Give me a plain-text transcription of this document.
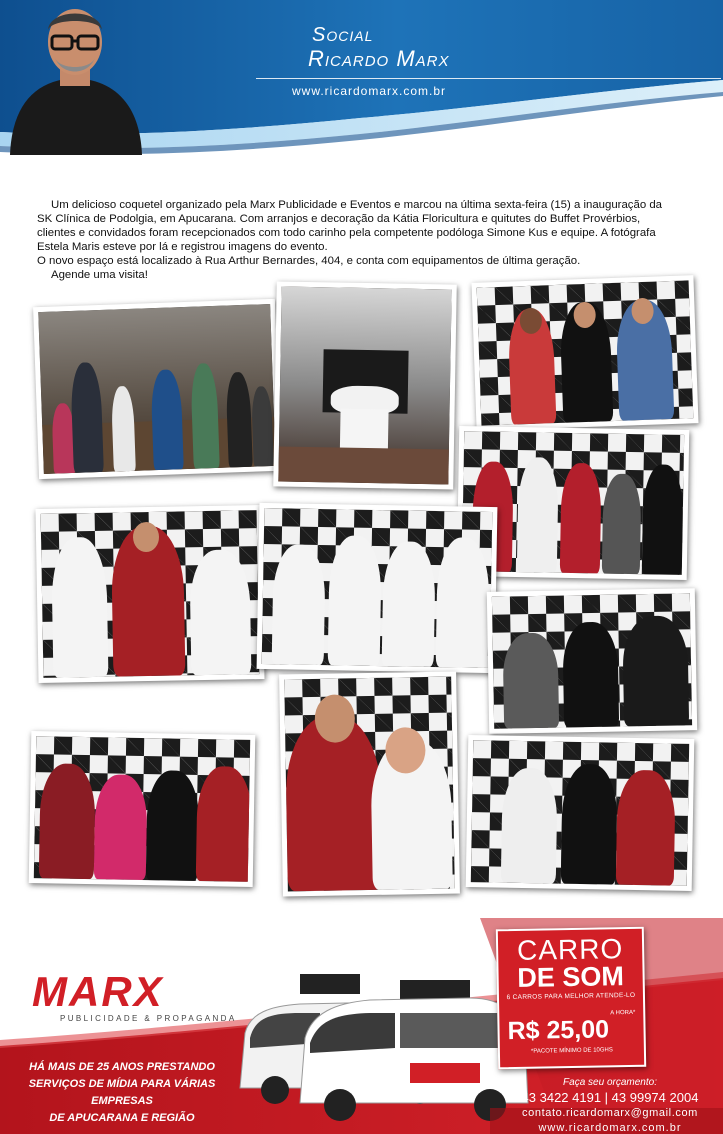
Social
Ricardo Marx
www.ricardomarx.com.br

Um delicioso coquetel organizado pela Marx Publicidade e Eventos e marcou na última sexta-feira (15) a inauguração da SK Clínica de Podolgia, em Apucarana. Com arranjos e decoração da Kátia Floricultura e quitutes do Buffet Provérbios, clientes e convidados foram recepcionados com todo carinho pela competente podóloga Simone Kus e equipe. A fotógrafa Estela Maris esteve por lá e registrou imagens do evento.

O novo espaço está localizado à Rua Arthur Bernardes, 404, e conta com equipamentos de última geração.

Agende uma visita!

MARX
PUBLICIDADE & PROPAGANDA
HÁ MAIS DE 25 ANOS PRESTANDO
SERVIÇOS DE MÍDIA PARA VÁRIAS EMPRESAS
DE APUCARANA E REGIÃO
CARRO
DE SOM
6 CARROS PARA MELHOR ATENDE-LO
A HORA*
R$ 25,00
*PACOTE MÍNIMO DE 10GHS
Faça seu orçamento:
43 3422 4191 | 43 99974 2004
contato.ricardomarx@gmail.com
www.ricardomarx.com.br
